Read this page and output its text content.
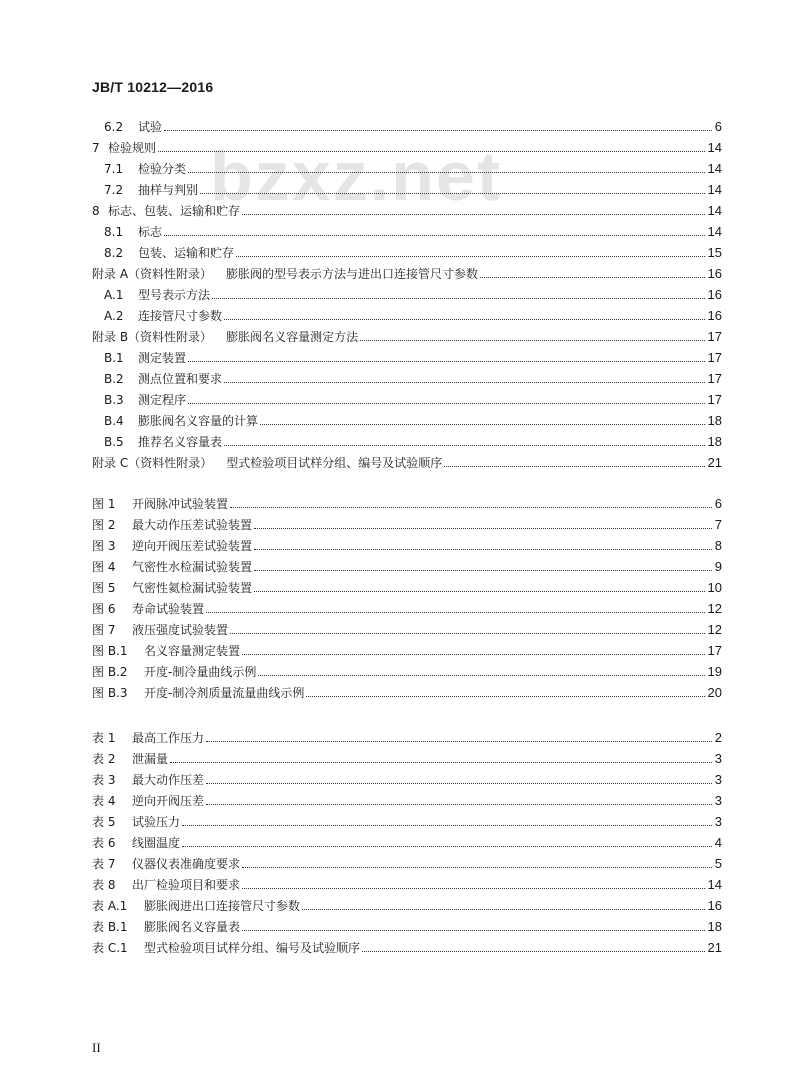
JB/T 10212—2016
bzxz.net
6.2	试验	6
7 检验规则	14
7.1	检验分类	14
7.2	抽样与判别	14
8 标志、包装、运输和贮存	14
8.1	标志	14
8.2	包装、运输和贮存	15
附录 A（资料性附录） 膨胀阀的型号表示方法与进出口连接管尺寸参数	16
A.1	型号表示方法	16
A.2	连接管尺寸参数	16
附录 B（资料性附录） 膨胀阀名义容量测定方法	17
B.1	测定装置	17
B.2	测点位置和要求	17
B.3	测定程序	17
B.4	膨胀阀名义容量的计算	18
B.5	推荐名义容量表	18
附录 C（资料性附录） 型式检验项目试样分组、编号及试验顺序	21
图 1	开阀脉冲试验装置	6
图 2	最大动作压差试验装置	7
图 3	逆向开阀压差试验装置	8
图 4	气密性水检漏试验装置	9
图 5	气密性氦检漏试验装置	10
图 6	寿命试验装置	12
图 7	液压强度试验装置	12
图 B.1	名义容量测定装置	17
图 B.2	开度-制冷量曲线示例	19
图 B.3	开度-制冷剂质量流量曲线示例	20
表 1	最高工作压力	2
表 2	泄漏量	3
表 3	最大动作压差	3
表 4	逆向开阀压差	3
表 5	试验压力	3
表 6	线圈温度	4
表 7	仪器仪表准确度要求	5
表 8	出厂检验项目和要求	14
表 A.1	膨胀阀进出口连接管尺寸参数	16
表 B.1	膨胀阀名义容量表	18
表 C.1	型式检验项目试样分组、编号及试验顺序	21
II
